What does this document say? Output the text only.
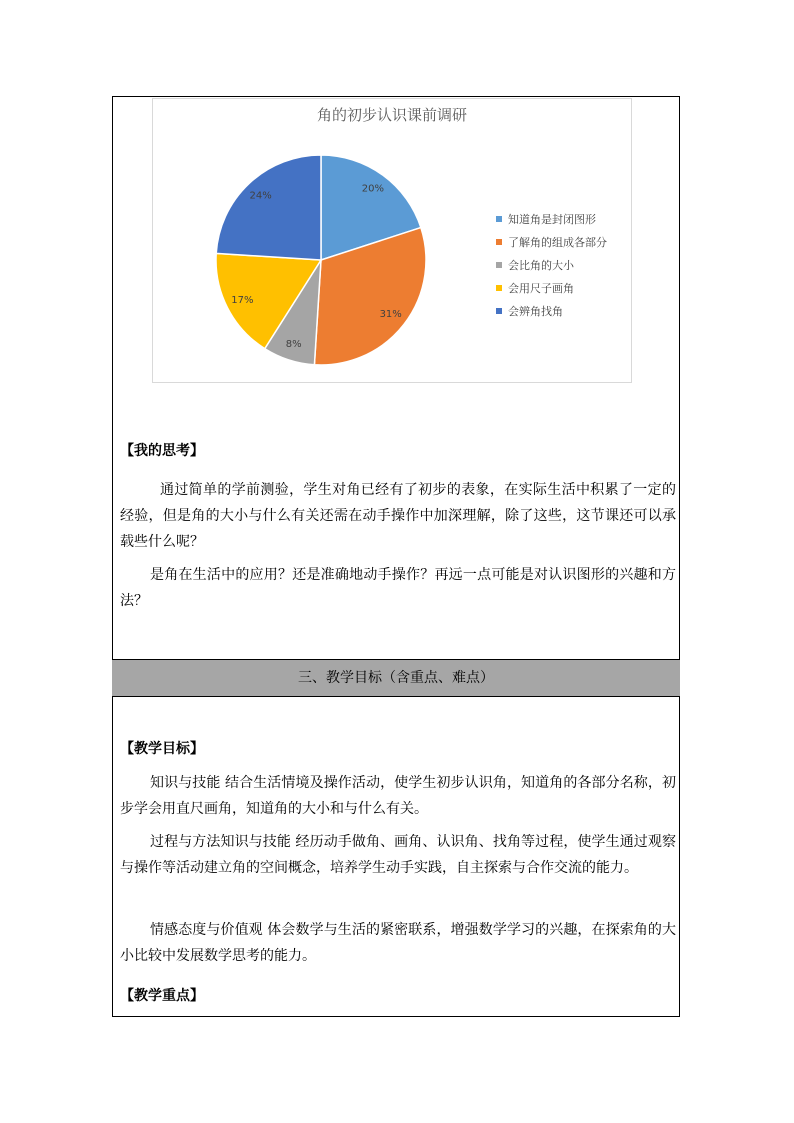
角的初步认识课前调研
20%
31%
8%
17%
24%
知道角是封闭图形
了解角的组成各部分
会比角的大小
会用尺子画角
会辨角找角
【我的思考】

通过简单的学前测验，学生对角已经有了初步的表象，在实际生活中积累了一定的经验，但是角的大小与什么有关还需在动手操作中加深理解，除了这些，这节课还可以承载些什么呢？

是角在生活中的应用？还是准确地动手操作？再远一点可能是对认识图形的兴趣和方法？

三、教学目标（含重点、难点）
【教学目标】

知识与技能 结合生活情境及操作活动，使学生初步认识角，知道角的各部分名称，初步学会用直尺画角，知道角的大小和与什么有关。

过程与方法知识与技能 经历动手做角、画角、认识角、找角等过程，使学生通过观察与操作等活动建立角的空间概念，培养学生动手实践，自主探索与合作交流的能力。

情感态度与价值观 体会数学与生活的紧密联系，增强数学学习的兴趣，在探索角的大小比较中发展数学思考的能力。

【教学重点】
